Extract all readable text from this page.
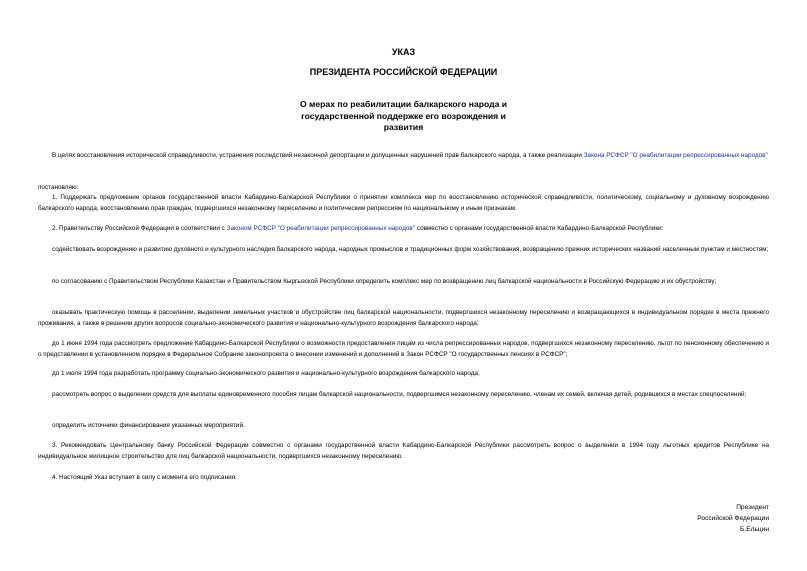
УКАЗ
ПРЕЗИДЕНТА РОССИЙСКОЙ ФЕДЕРАЦИИ
О мерах по реабилитации балкарского народа и
государственной поддержке его возрождения и
развития

В целях восстановления исторической справедливости, устранения последствий незаконной депортации и допущенных нарушений прав балкарского народа, а также реализации Закона РСФСР "О реабилитации репрессированных народов"

постановляю:

1. Поддержать предложение органов государственной власти Кабардино-Балкарской Республики о принятии комплекса мер по восстановлению исторической справедливости, политическому, социальному и духовному возрождению балкарского народа, восстановлению прав граждан, подвергшихся незаконному переселению и политическим репрессиям по национальному и иным признакам.

2. Правительству Российской Федерации в соответствии с Законом РСФСР "О реабилитации репрессированных народов" совместно с органами государственной власти Кабардино-Балкарской Республики:

содействовать возрождению и развитию духовного и культурного наследия балкарского народа, народных промыслов и традиционных форм хозяйствования, возвращению прежних исторических названий населенным пунктам и местностям;

по согласованию с Правительством Республики Казахстан и Правительством Кыргызской Республики определить комплекс мер по возвращению лиц балкарской национальности в Российскую Федерацию и их обустройству;

оказывать практическую помощь в расселении, выделении земельных участков и обустройстве лиц балкарской национальности, подвергшихся незаконному переселению и возвращающихся в индивидуальном порядке в места прежнего проживания, а также в решении других вопросов социально-экономического развития и национально-культурного возрождения балкарского народа;

до 1 июня 1994 года рассмотреть предложение Кабардино-Балкарской Республики о возможности предоставления лицам из числа репрессированных народов, подвергшихся незаконному переселению, льгот по пенсионному обеспечению и о представлении в установленном порядке в Федеральное Собрание законопроекта о внесении изменений и дополнений в Закон РСФСР "О государственных пенсиях в РСФСР";

до 1 июля 1994 года разработать программу социально-экономического развития и национально-культурного возрождения балкарского народа;

рассмотреть вопрос о выделении средств для выплаты единовременного пособия лицам балкарской национальности, подвергшимся незаконному переселению, членам их семей, включая детей, родившихся в местах спецпоселений;

определить источники финансирования указанных мероприятий.

3. Рекомендовать Центральному банку Российской Федерации совместно с органами государственной власти Кабардино-Балкарской Республики рассмотреть вопрос о выделении в 1994 году льготных кредитов Республике на индивидуальное жилищное строительство для лиц балкарской национальности, подвергшихся незаконному переселению.

4. Настоящий Указ вступает в силу с момента его подписания.

Президент
Российской Федерации
Б.Ельцин
